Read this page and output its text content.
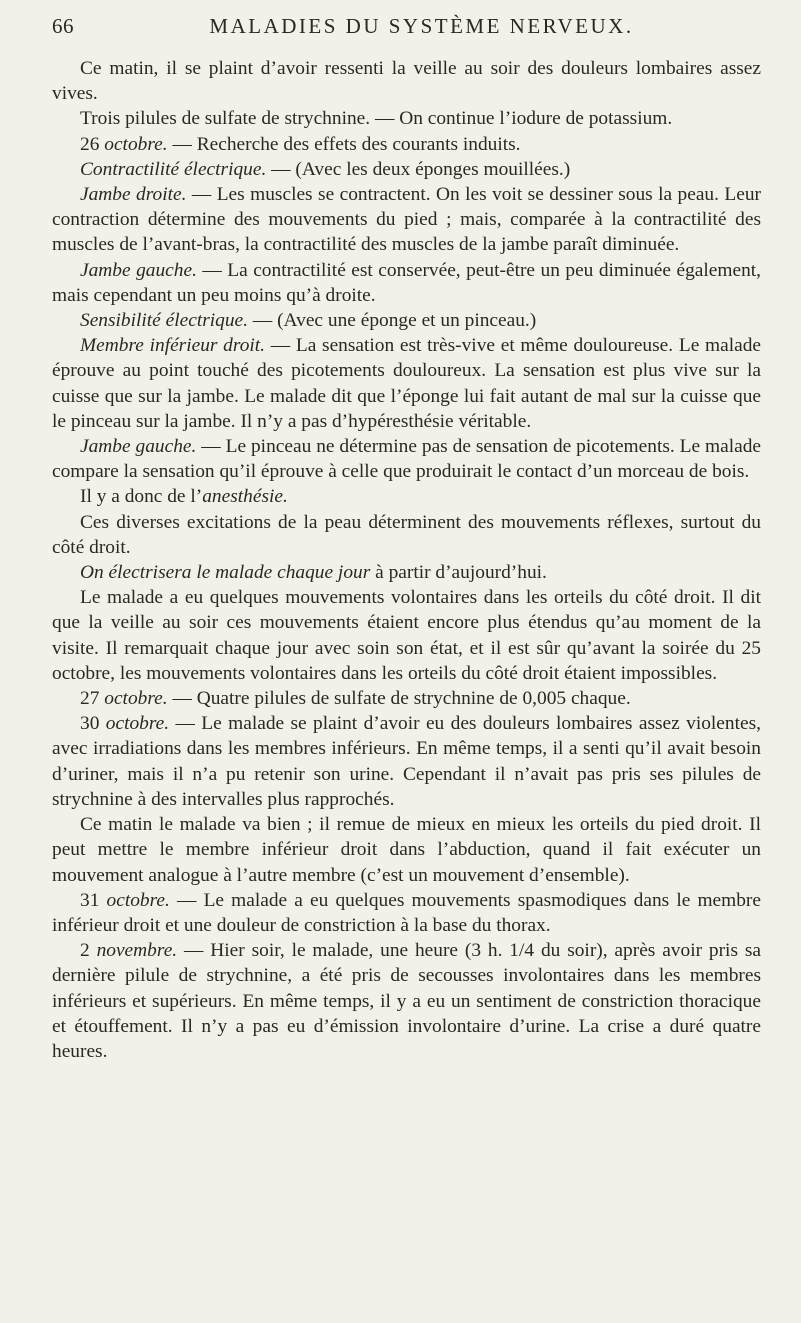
66	MALADIES DU SYSTÈME NERVEUX.

Ce matin, il se plaint d’avoir ressenti la veille au soir des douleurs lombaires assez vives.

Trois pilules de sulfate de strychnine. — On continue l’iodure de potassium.

26 octobre. — Recherche des effets des courants induits.

Contractilité électrique. — (Avec les deux éponges mouillées.)

Jambe droite. — Les muscles se contractent. On les voit se dessiner sous la peau. Leur contraction détermine des mouvements du pied ; mais, comparée à la contractilité des muscles de l’avant-bras, la contractilité des muscles de la jambe paraît diminuée.

Jambe gauche. — La contractilité est conservée, peut-être un peu diminuée également, mais cependant un peu moins qu’à droite.

Sensibilité électrique. — (Avec une éponge et un pinceau.)

Membre inférieur droit. — La sensation est très-vive et même douloureuse. Le malade éprouve au point touché des picotements douloureux. La sensation est plus vive sur la cuisse que sur la jambe. Le malade dit que l’éponge lui fait autant de mal sur la cuisse que le pinceau sur la jambe. Il n’y a pas d’hypéresthésie véritable.

Jambe gauche. — Le pinceau ne détermine pas de sensation de picotements. Le malade compare la sensation qu’il éprouve à celle que produirait le contact d’un morceau de bois.

Il y a donc de l’anesthésie.

Ces diverses excitations de la peau déterminent des mouvements réflexes, surtout du côté droit.

On électrisera le malade chaque jour à partir d’aujourd’hui.

Le malade a eu quelques mouvements volontaires dans les orteils du côté droit. Il dit que la veille au soir ces mouvements étaient encore plus étendus qu’au moment de la visite. Il remarquait chaque jour avec soin son état, et il est sûr qu’avant la soirée du 25 octobre, les mouvements volontaires dans les orteils du côté droit étaient impossibles.

27 octobre. — Quatre pilules de sulfate de strychnine de 0,005 chaque.

30 octobre. — Le malade se plaint d’avoir eu des douleurs lombaires assez violentes, avec irradiations dans les membres inférieurs. En même temps, il a senti qu’il avait besoin d’uriner, mais il n’a pu retenir son urine. Cependant il n’avait pas pris ses pilules de strychnine à des intervalles plus rapprochés.

Ce matin le malade va bien ; il remue de mieux en mieux les orteils du pied droit. Il peut mettre le membre inférieur droit dans l’abduction, quand il fait exécuter un mouvement analogue à l’autre membre (c’est un mouvement d’ensemble).

31 octobre. — Le malade a eu quelques mouvements spasmodiques dans le membre inférieur droit et une douleur de constriction à la base du thorax.

2 novembre. — Hier soir, le malade, une heure (3 h. 1/4 du soir), après avoir pris sa dernière pilule de strychnine, a été pris de secousses involontaires dans les membres inférieurs et supérieurs. En même temps, il y a eu un sentiment de constriction thoracique et étouffement. Il n’y a pas eu d’émission involontaire d’urine. La crise a duré quatre heures.
